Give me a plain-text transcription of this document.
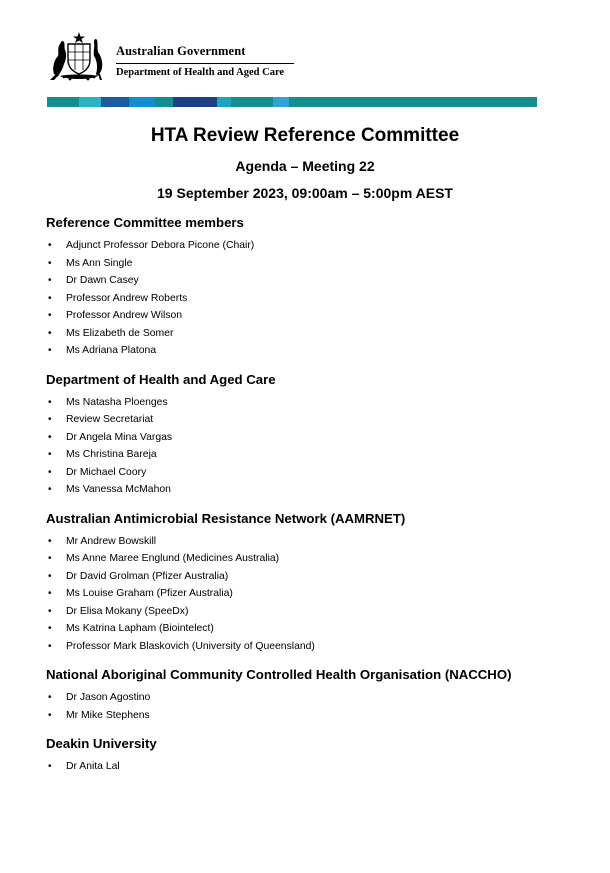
Australian Government
Department of Health and Aged Care
HTA Review Reference Committee
Agenda – Meeting 22
19 September 2023, 09:00am – 5:00pm AEST
Reference Committee members
• Adjunct Professor Debora Picone (Chair)
• Ms Ann Single
• Dr Dawn Casey
• Professor Andrew Roberts
• Professor Andrew Wilson
• Ms Elizabeth de Somer
• Ms Adriana Platona
Department of Health and Aged Care
• Ms Natasha Ploenges
• Review Secretariat
• Dr Angela Mina Vargas
• Ms Christina Bareja
• Dr Michael Coory
• Ms Vanessa McMahon
Australian Antimicrobial Resistance Network (AAMRNET)
• Mr Andrew Bowskill
• Ms Anne Maree Englund (Medicines Australia)
• Dr David Grolman (Pfizer Australia)
• Ms Louise Graham (Pfizer Australia)
• Dr Elisa Mokany (SpeeDx)
• Ms Katrina Lapham (Biointelect)
• Professor Mark Blaskovich (University of Queensland)
National Aboriginal Community Controlled Health Organisation (NACCHO)
• Dr Jason Agostino
• Mr Mike Stephens
Deakin University
• Dr Anita Lal
